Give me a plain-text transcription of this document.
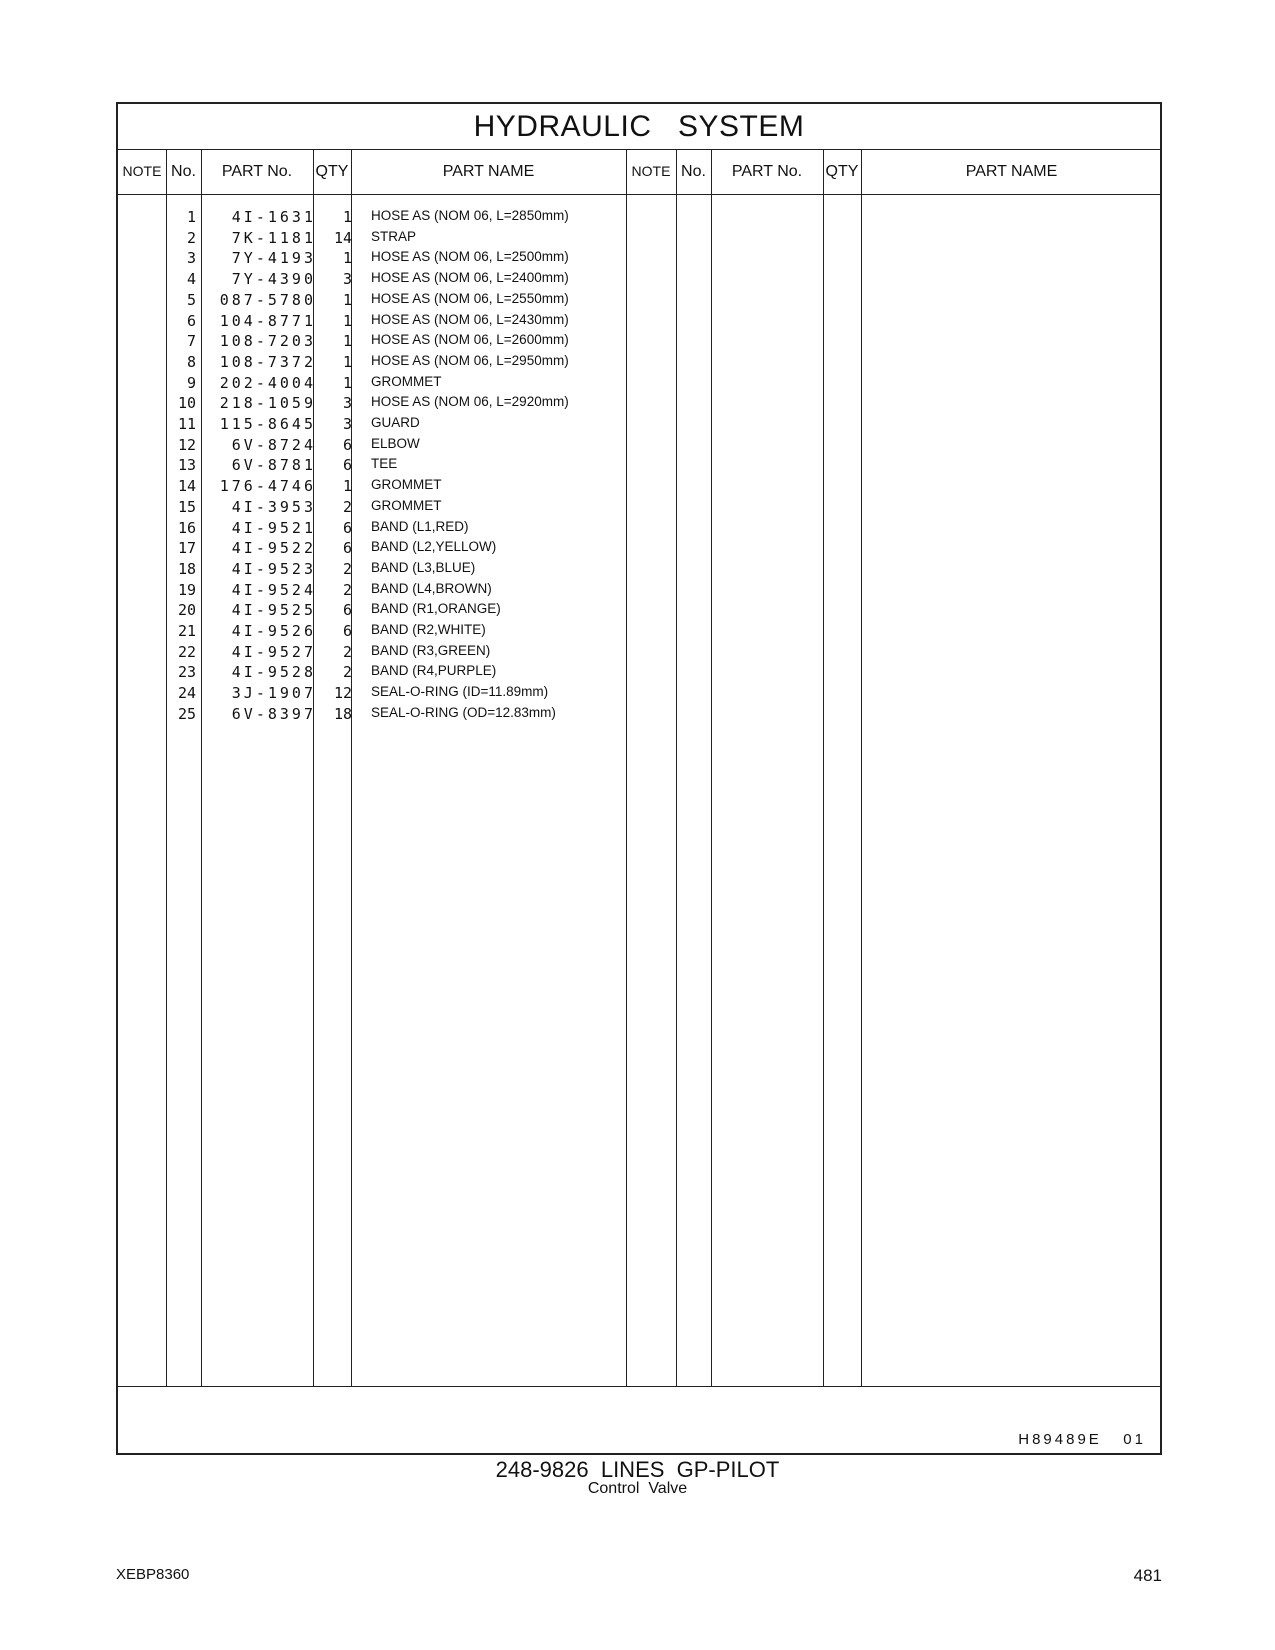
HYDRAULIC   SYSTEM
NOTE No.	PART No.	QTY	PART NAME	NOTE No.	PART No.	QTY	PART NAME
1	4I-1631	1 HOSE AS (NOM 06, L=2850mm)
2	7K-1181	14 STRAP
3	7Y-4193	1 HOSE AS (NOM 06, L=2500mm)
4	7Y-4390	3 HOSE AS (NOM 06, L=2400mm)
5 087-5780	1 HOSE AS (NOM 06, L=2550mm)
6 104-8771	1 HOSE AS (NOM 06, L=2430mm)
7 108-7203	1 HOSE AS (NOM 06, L=2600mm)
8 108-7372	1 HOSE AS (NOM 06, L=2950mm)
9 202-4004	1 GROMMET
10 218-1059	3 HOSE AS (NOM 06, L=2920mm)
11 115-8645	3 GUARD
12	6V-8724	6 ELBOW
13	6V-8781	6 TEE
14 176-4746	1 GROMMET
15	4I-3953	2 GROMMET
16	4I-9521	6 BAND (L1,RED)
17	4I-9522	6 BAND (L2,YELLOW)
18	4I-9523	2 BAND (L3,BLUE)
19	4I-9524	2 BAND (L4,BROWN)
20	4I-9525	6 BAND (R1,ORANGE)
21	4I-9526	6 BAND (R2,WHITE)
22	4I-9527	2 BAND (R3,GREEN)
23	4I-9528	2 BAND (R4,PURPLE)
24	3J-1907	12 SEAL-O-RING (ID=11.89mm)
25	6V-8397	18 SEAL-O-RING (OD=12.83mm)
H89489E   01
248-9826  LINES  GP-PILOT
Control  Valve
XEBP8360	481
